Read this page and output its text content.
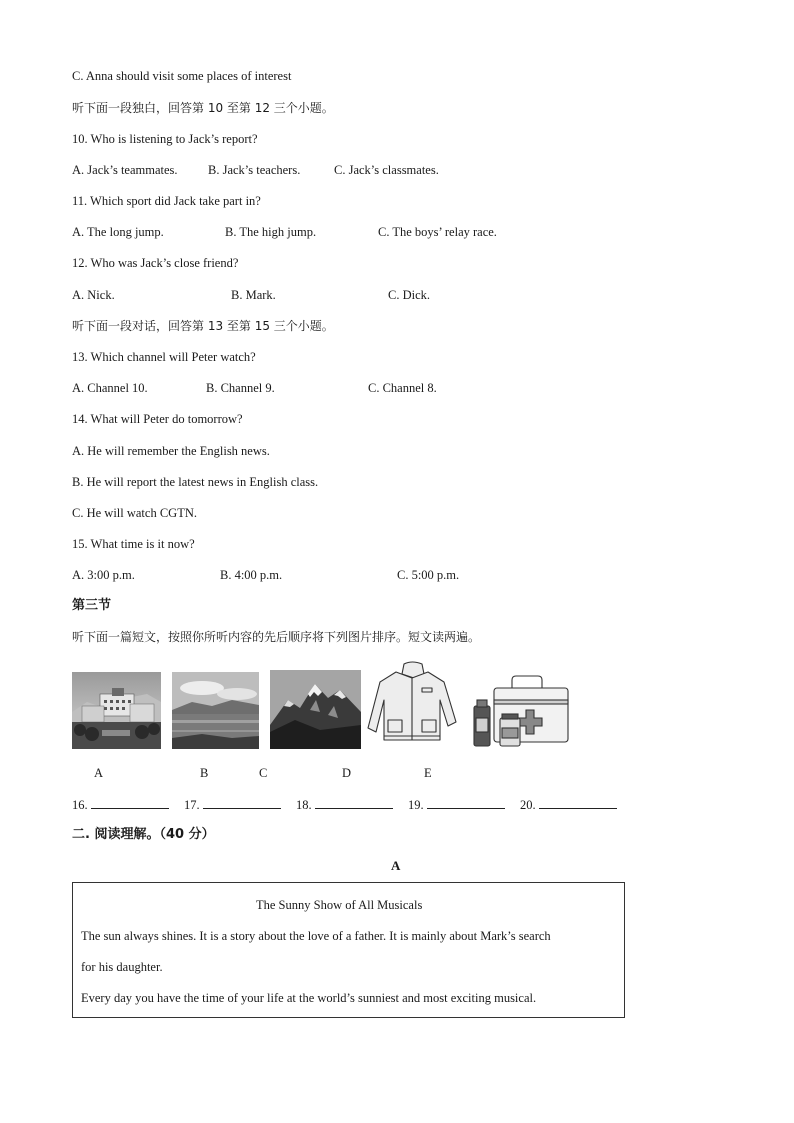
C. Anna should visit some places of interest
听下面一段独白，回答第 10 至第 12 三个小题。
10. Who is listening to Jack’s report?
A. Jack’s teammates. B. Jack’s teachers.	C. Jack’s classmates.
11. Which sport did Jack take part in?
A. The long jump.	B. The high jump.	C. The boys’ relay race.
12. Who was Jack’s close friend?
A. Nick.	B. Mark.	C. Dick.
听下面一段对话，回答第 13 至第 15 三个小题。
13. Which channel will Peter watch?
A. Channel 10.	B. Channel 9.	C. Channel 8.
14. What will Peter do tomorrow?
A. He will remember the English news.
B. He will report the latest news in English class.
C. He will watch CGTN.
15. What time is it now?
A. 3:00 p.m.	B. 4:00 p.m.	C. 5:00 p.m.
第三节
听下面一篇短文，按照你所听内容的先后顺序将下列图片排序。短文读两遍。
A	B	C	D	E
16.	17.	18.	19.	20.
二. 阅读理解。（40 分）
A
The Sunny Show of All Musicals
The sun always shines. It is a story about the love of a father. It is mainly about Mark’s search
for his daughter.
Every day you have the time of your life at the world’s sunniest and most exciting musical.
